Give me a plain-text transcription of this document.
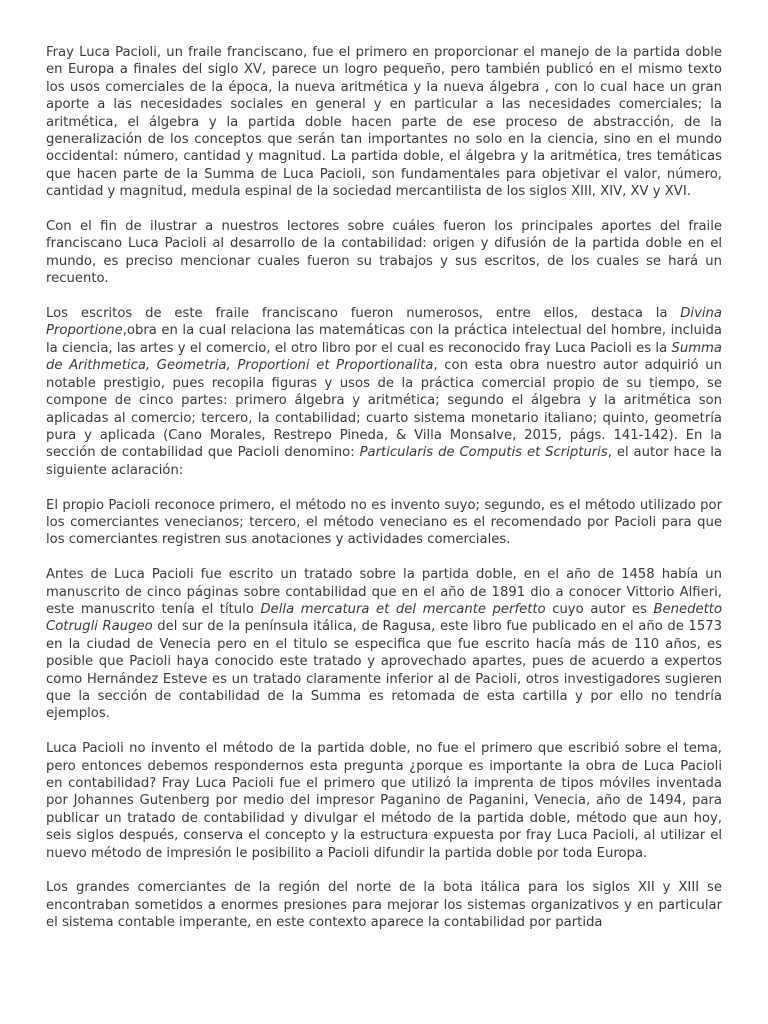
Fray Luca Pacioli, un fraile franciscano, fue el primero en proporcionar el manejo de la partida doble en Europa a finales del siglo XV, parece un logro pequeño, pero también publicó en el mismo texto los usos comerciales de la época, la nueva aritmética y la nueva álgebra , con lo cual hace un gran aporte a las necesidades sociales en general y en particular a las necesidades comerciales; la aritmética, el álgebra y la partida doble hacen parte de ese proceso de abstracción, de la generalización de los conceptos que serán tan importantes no solo en la ciencia, sino en el mundo occidental: número, cantidad y magnitud. La partida doble, el álgebra y la aritmética, tres temáticas que hacen parte de la Summa de Luca Pacioli, son fundamentales para objetivar el valor, número, cantidad y magnitud, medula espinal de la sociedad mercantilista de los siglos XIII, XIV, XV y XVI.

Con el fin de ilustrar a nuestros lectores sobre cuáles fueron los principales aportes del fraile franciscano Luca Pacioli al desarrollo de la contabilidad: origen y difusión de la partida doble en el mundo, es preciso mencionar cuales fueron su trabajos y sus escritos, de los cuales se hará un recuento.

Los escritos de este fraile franciscano fueron numerosos, entre ellos, destaca la Divina Proportione,obra en la cual relaciona las matemáticas con la práctica intelectual del hombre, incluida la ciencia, las artes y el comercio, el otro libro por el cual es reconocido fray Luca Pacioli es la Summa de Arithmetica, Geometria, Proportioni et Proportionalita, con esta obra nuestro autor adquirió un notable prestigio, pues recopila figuras y usos de la práctica comercial propio de su tiempo, se compone de cinco partes: primero álgebra y aritmética; segundo el álgebra y la aritmética son aplicadas al comercio; tercero, la contabilidad; cuarto sistema monetario italiano; quinto, geometría pura y aplicada (Cano Morales, Restrepo Pineda, & Villa Monsalve, 2015, págs. 141-142). En la sección de contabilidad que Pacioli denomino: Particularis de Computis et Scripturis, el autor hace la siguiente aclaración:

El propio Pacioli reconoce primero, el método no es invento suyo; segundo, es el método utilizado por los comerciantes venecianos; tercero, el método veneciano es el recomendado por Pacioli para que los comerciantes registren sus anotaciones y actividades comerciales.

Antes de Luca Pacioli fue escrito un tratado sobre la partida doble, en el año de 1458 había un manuscrito de cinco páginas sobre contabilidad que en el año de 1891 dio a conocer Vittorio Alfieri, este manuscrito tenía el título Della mercatura et del mercante perfetto cuyo autor es Benedetto Cotrugli Raugeo del sur de la península itálica, de Ragusa, este libro fue publicado en el año de 1573 en la ciudad de Venecia pero en el titulo se especifica que fue escrito hacía más de 110 años, es posible que Pacioli haya conocido este tratado y aprovechado apartes, pues de acuerdo a expertos como Hernández Esteve es un tratado claramente inferior al de Pacioli, otros investigadores sugieren que la sección de contabilidad de la Summa es retomada de esta cartilla y por ello no tendría ejemplos.

Luca Pacioli no invento el método de la partida doble, no fue el primero que escribió sobre el tema, pero entonces debemos respondernos esta pregunta ¿porque es importante la obra de Luca Pacioli en contabilidad? Fray Luca Pacioli fue el primero que utilizó la imprenta de tipos móviles inventada por Johannes Gutenberg por medio del impresor Paganino de Paganini, Venecia, año de 1494, para publicar un tratado de contabilidad y divulgar el método de la partida doble, método que aun hoy, seis siglos después, conserva el concepto y la estructura expuesta por fray Luca Pacioli, al utilizar el nuevo método de impresión le posibilito a Pacioli difundir la partida doble por toda Europa.

Los grandes comerciantes de la región del norte de la bota itálica para los siglos XII y XIII se encontraban sometidos a enormes presiones para mejorar los sistemas organizativos y en particular el sistema contable imperante, en este contexto aparece la contabilidad por partida
